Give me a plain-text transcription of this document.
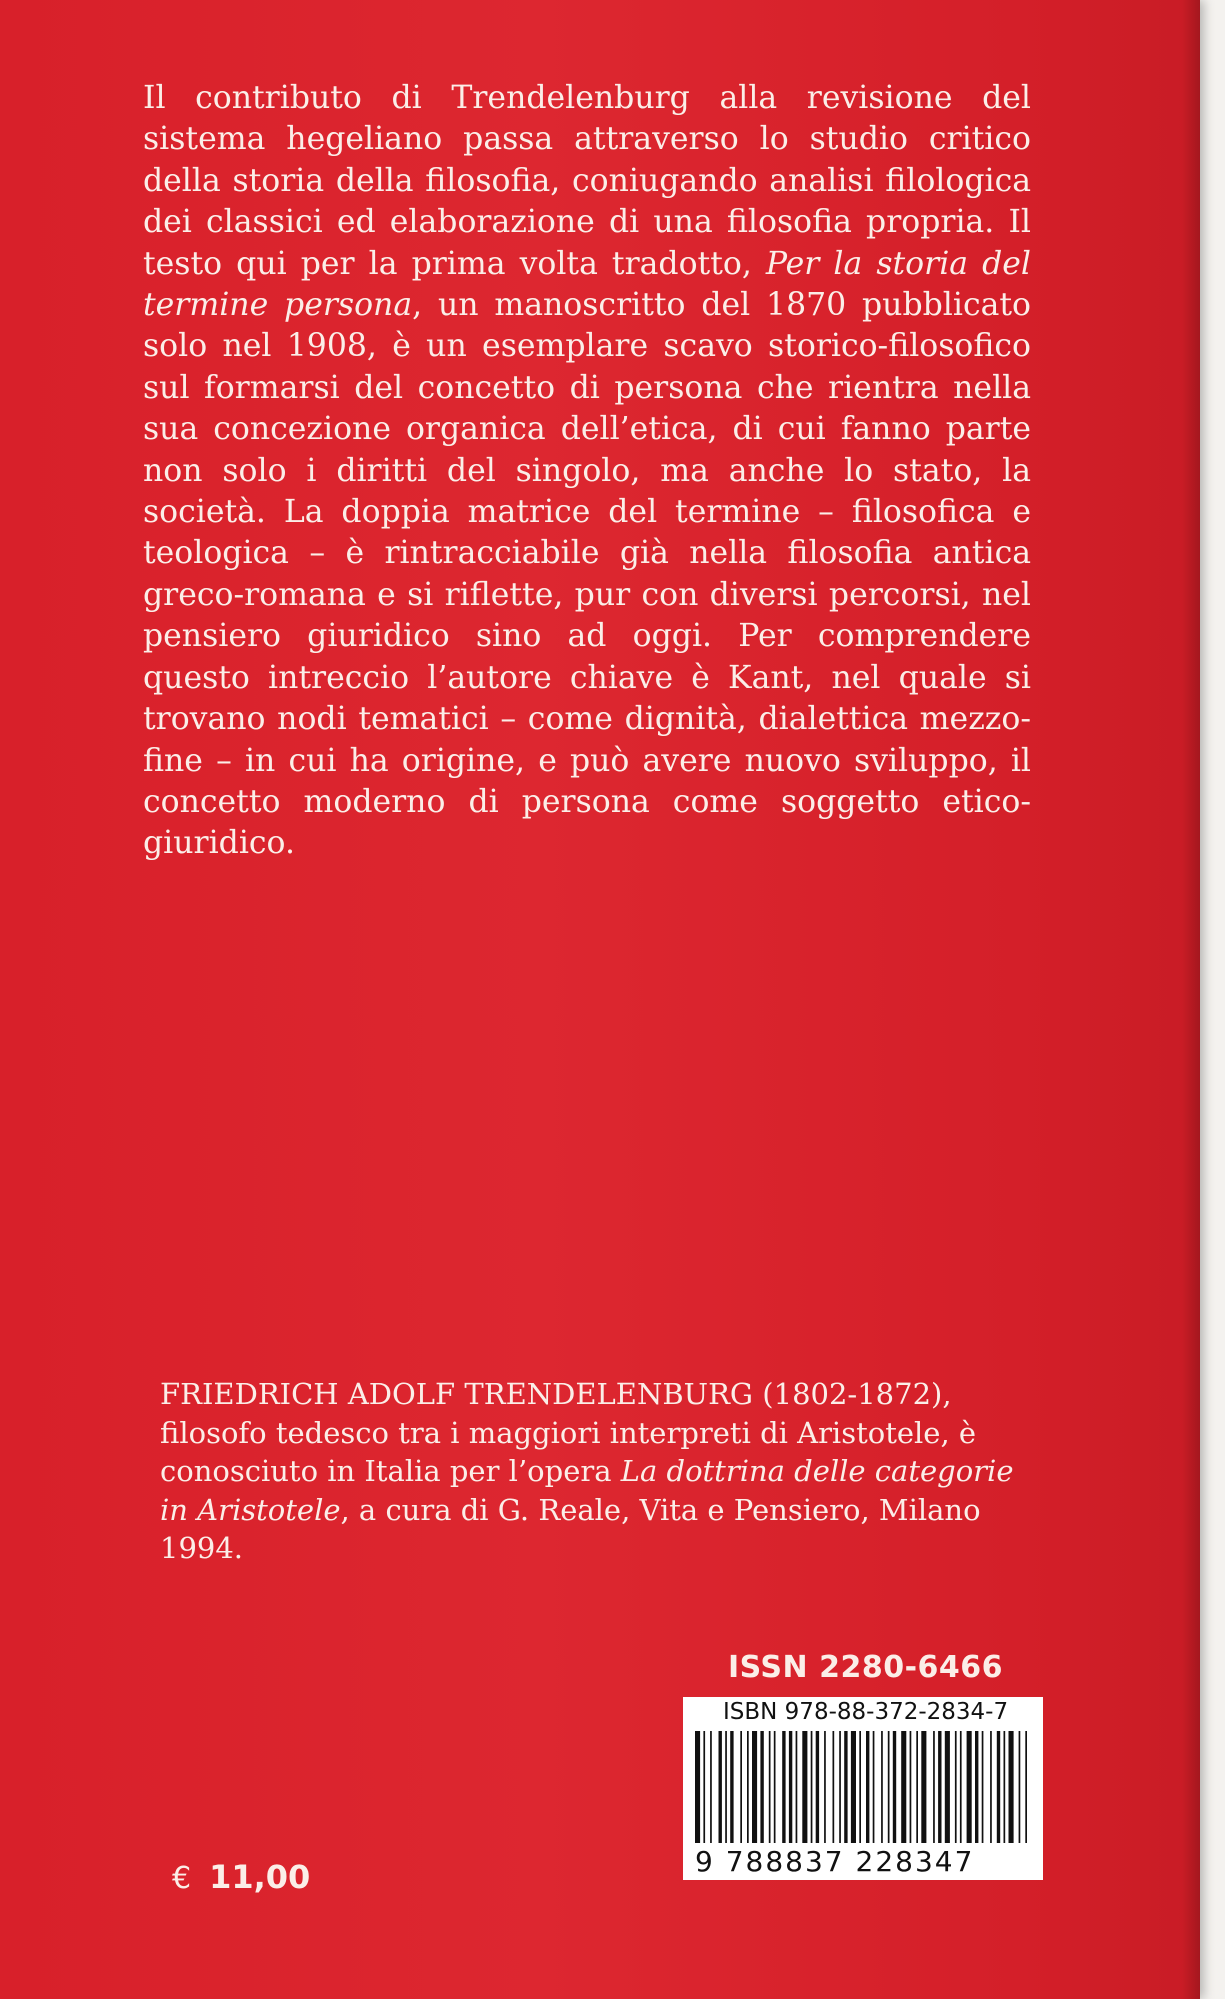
Il contributo di Trendelenburg alla revisione del sistema hegeliano passa attraverso lo studio critico della storia della filosofia, coniugando analisi filologica dei classici ed elaborazione di una filosofia propria. Il testo qui per la prima volta tradotto, Per la storia del termine persona, un manoscritto del 1870 pubblicato solo nel 1908, è un esemplare scavo storico-filosofico sul formarsi del concetto di persona che rientra nella sua concezione organica dell’etica, di cui fanno parte non solo i diritti del singolo, ma anche lo stato, la società. La doppia matrice del termine – filosofica e teologica – è rintracciabile già nella filosofia antica greco-romana e si riflette, pur con diversi percorsi, nel pensiero giuridico sino ad oggi. Per comprendere questo intreccio l’autore chiave è Kant, nel quale si trovano nodi tematici – come dignità, dialettica mezzo-fine – in cui ha origine, e può avere nuovo sviluppo, il concetto moderno di persona come soggetto etico-giuridico.

FRIEDRICH ADOLF TRENDELENBURG (1802-1872), filosofo tedesco tra i maggiori interpreti di Aristotele, è conosciuto in Italia per l’opera La dottrina delle categorie in Aristotele, a cura di G. Reale, Vita e Pensiero, Milano 1994.

ISSN 2280-6466
ISBN 978-88-372-2834-7
9 788837 228347
€ 11,00
